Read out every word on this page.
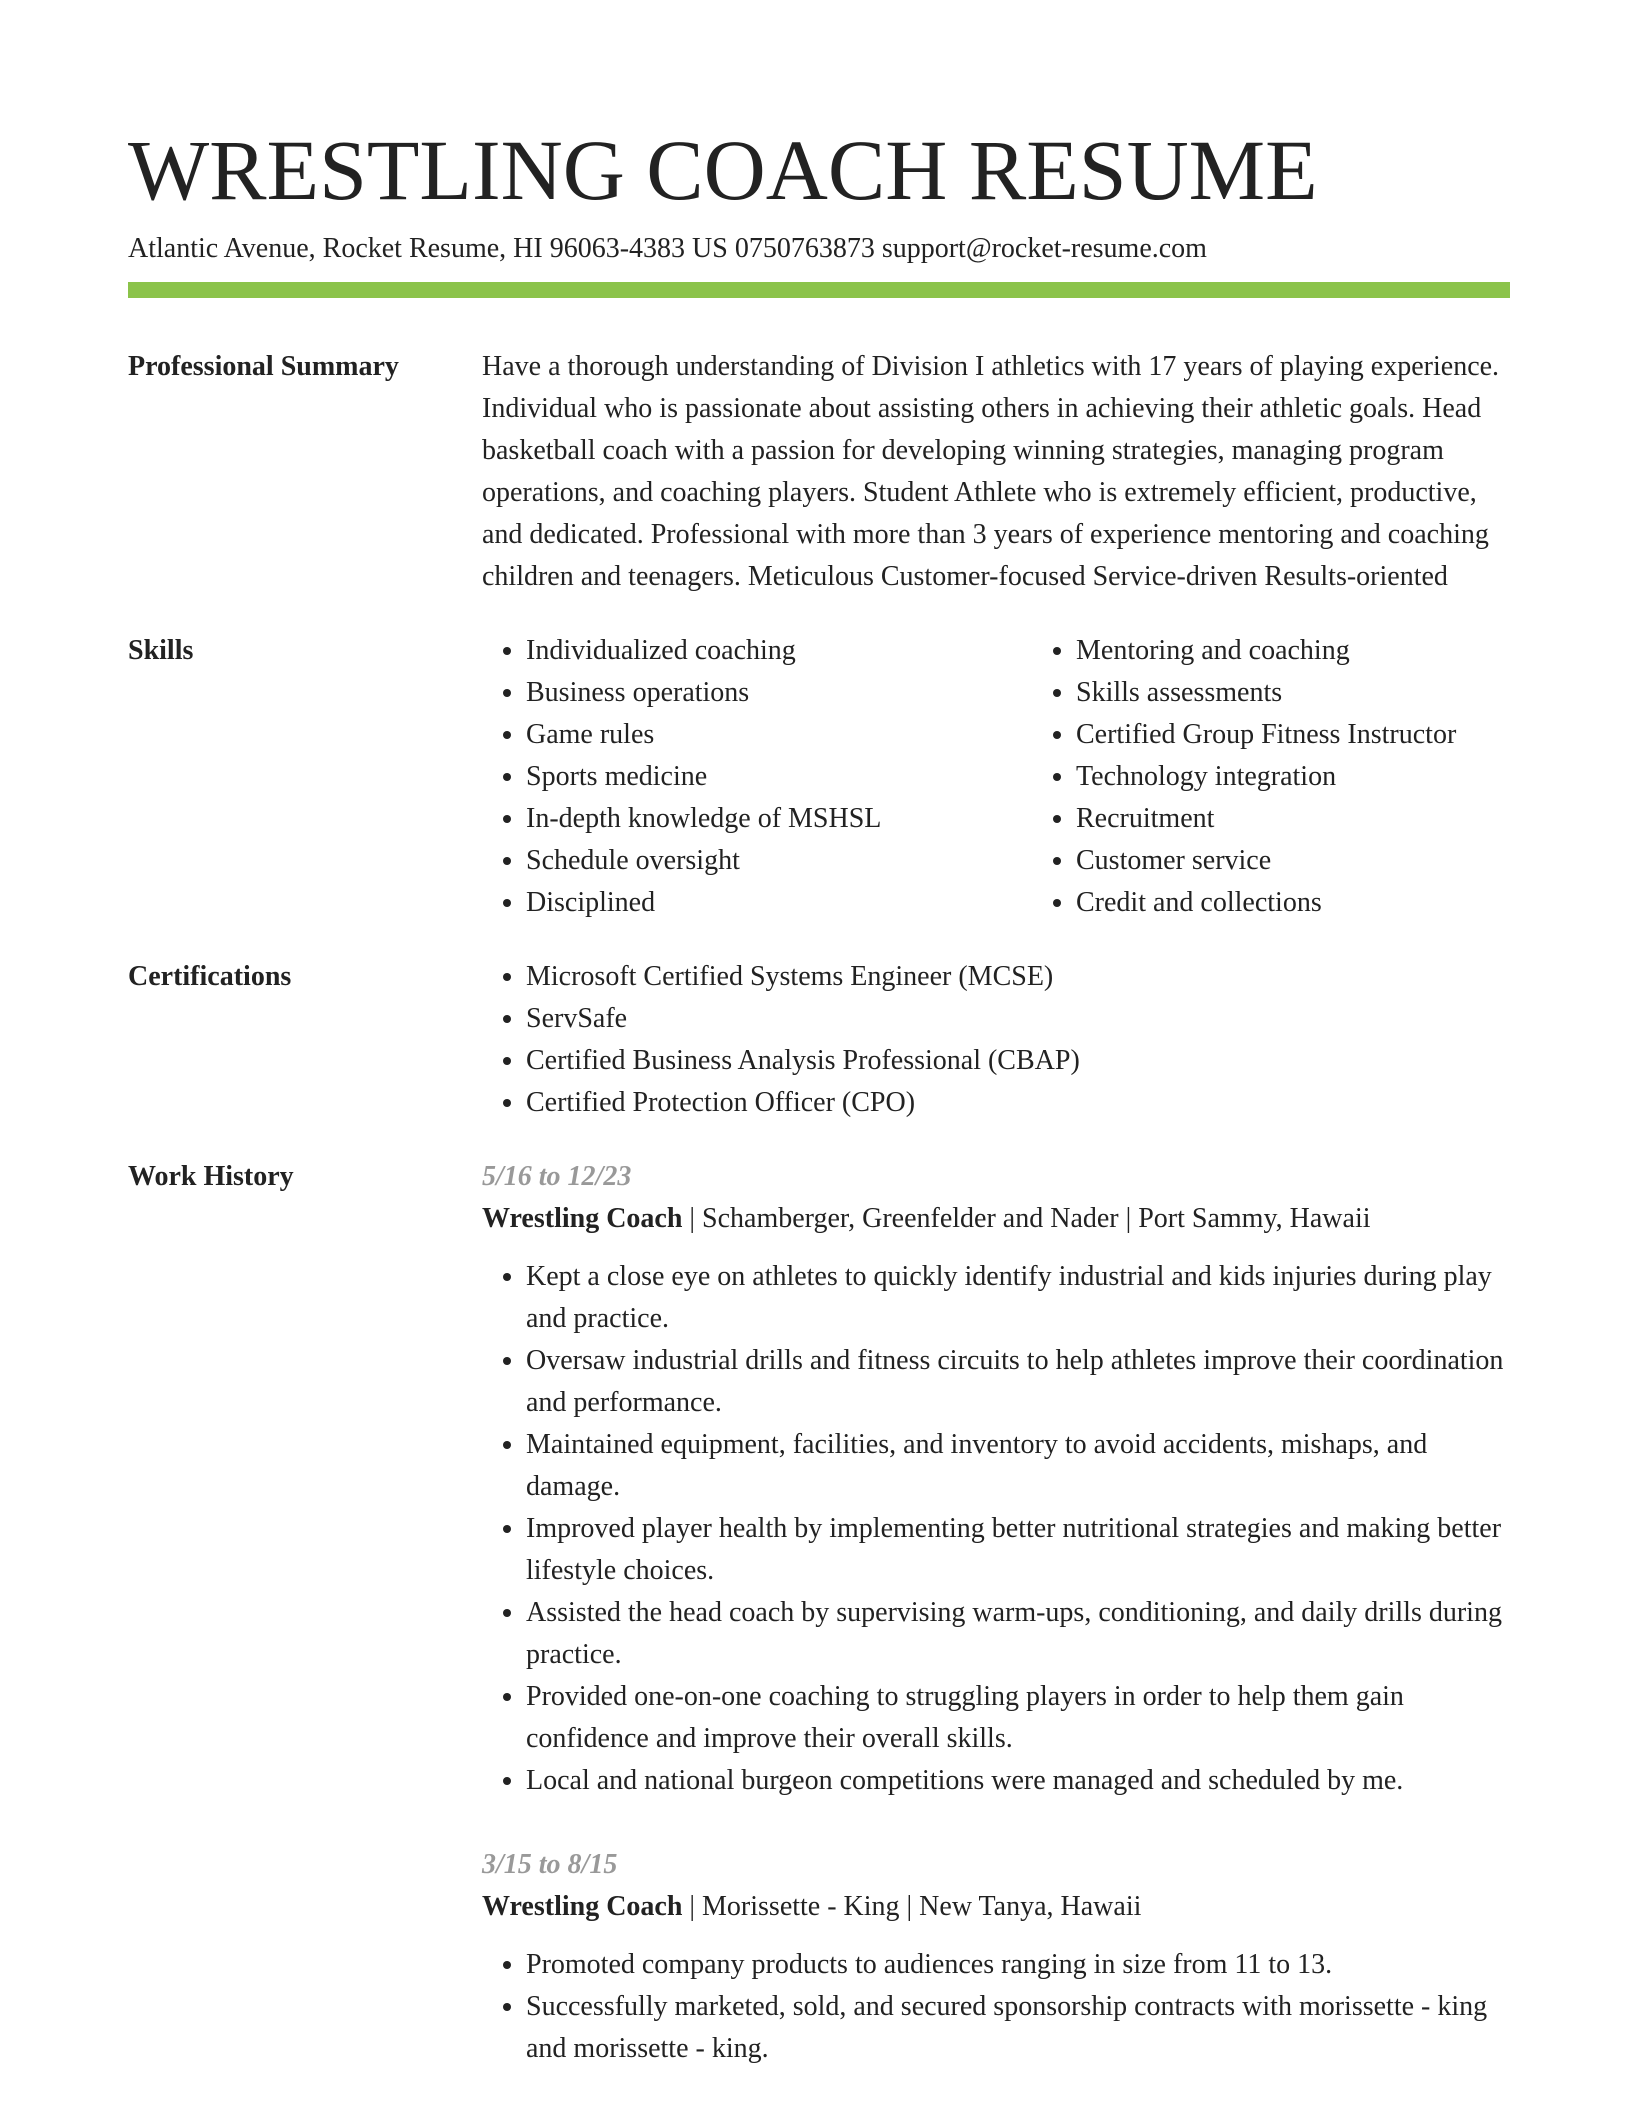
WRESTLING COACH RESUME
Atlantic Avenue, Rocket Resume, HI 96063-4383 US 0750763873 support@rocket-resume.com
Professional Summary	Have a thorough understanding of Division I athletics with 17 years of playing experience. Individual who is passionate about assisting others in achieving their athletic goals. Head basketball coach with a passion for developing winning strategies, managing program operations, and coaching players. Student Athlete who is extremely efficient, productive, and dedicated. Professional with more than 3 years of experience mentoring and coaching children and teenagers. Meticulous Customer-focused Service-driven Results-oriented

Skills	• Individualized coaching
• Business operations
• Game rules
• Sports medicine
• In-depth knowledge of MSHSL
• Schedule oversight
• Disciplined
• Mentoring and coaching
• Skills assessments
• Certified Group Fitness Instructor
• Technology integration
• Recruitment
• Customer service
• Credit and collections
Certifications	• Microsoft Certified Systems Engineer (MCSE)
• ServSafe
• Certified Business Analysis Professional (CBAP)
• Certified Protection Officer (CPO)
Work History	5/16 to 12/23

Wrestling Coach | Schamberger, Greenfelder and Nader | Port Sammy, Hawaii

• Kept a close eye on athletes to quickly identify industrial and kids injuries during play and practice.
• Oversaw industrial drills and fitness circuits to help athletes improve their coordination and performance.
• Maintained equipment, facilities, and inventory to avoid accidents, mishaps, and damage.
• Improved player health by implementing better nutritional strategies and making better lifestyle choices.
• Assisted the head coach by supervising warm-ups, conditioning, and daily drills during practice.
• Provided one-on-one coaching to struggling players in order to help them gain confidence and improve their overall skills.
• Local and national burgeon competitions were managed and scheduled by me.
3/15 to 8/15

Wrestling Coach | Morissette - King | New Tanya, Hawaii

• Promoted company products to audiences ranging in size from 11 to 13.
• Successfully marketed, sold, and secured sponsorship contracts with morissette - king and morissette - king.
